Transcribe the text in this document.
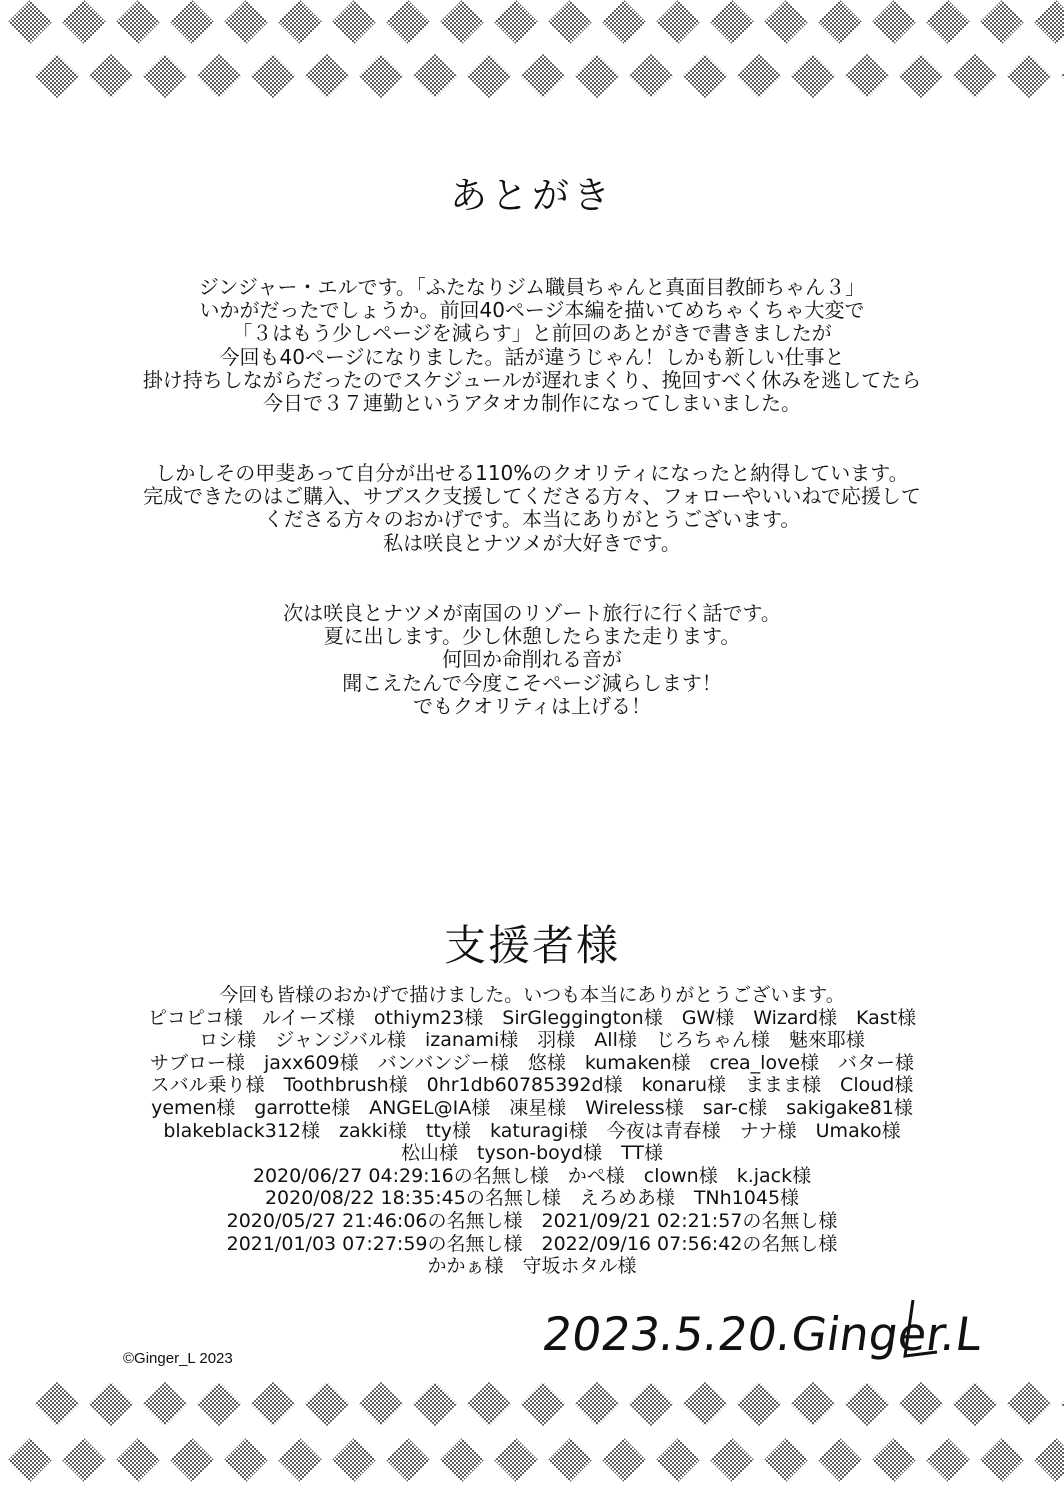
あとがき
ジンジャー・エルです。「ふたなりジム職員ちゃんと真面目教師ちゃん３」
いかがだったでしょうか。前回40ページ本編を描いてめちゃくちゃ大変で
「３はもう少しページを減らす」と前回のあとがきで書きましたが
今回も40ページになりました。話が違うじゃん！しかも新しい仕事と
掛け持ちしながらだったのでスケジュールが遅れまくり、挽回すべく休みを逃してたら
今日で３７連勤というアタオカ制作になってしまいました。
しかしその甲斐あって自分が出せる110%のクオリティになったと納得しています。
完成できたのはご購入、サブスク支援してくださる方々、フォローやいいねで応援して
くださる方々のおかげです。本当にありがとうございます。
私は咲良とナツメが大好きです。
次は咲良とナツメが南国のリゾート旅行に行く話です。
夏に出します。少し休憩したらまた走ります。
何回か命削れる音が
聞こえたんで今度こそページ減らします！
でもクオリティは上げる！
支援者様
今回も皆様のおかげで描けました。いつも本当にありがとうございます。
ピコピコ様　ルイーズ様　othiym23様　SirGleggington様　GW様　Wizard様　Kast様
ロシ様　ジャンジバル様　izanami様　羽様　All様　じろちゃん様　魅來耶様
サブロー様　jaxx609様　バンバンジー様　悠様　kumaken様　crea_love様　バター様
スバル乗り様　Toothbrush様　0hr1db60785392d様　konaru様　ままま様　Cloud様
yemen様　garrotte様　ANGEL@IA様　凍星様　Wireless様　sar-c様　sakigake81様
blakeblack312様　zakki様　tty様　katuragi様　今夜は青春様　ナナ様　Umako様
松山様　tyson-boyd様　TT様
2020/06/27 04:29:16の名無し様　かぺ様　clown様　k.jack様
2020/08/22 18:35:45の名無し様　えろめあ様　TNh1045様
2020/05/27 21:46:06の名無し様　2021/09/21 02:21:57の名無し様
2021/01/03 07:27:59の名無し様　2022/09/16 07:56:42の名無し様
かかぁ様　守坂ホタル様
2023.5.20.Ginger.L
©Ginger_L 2023
